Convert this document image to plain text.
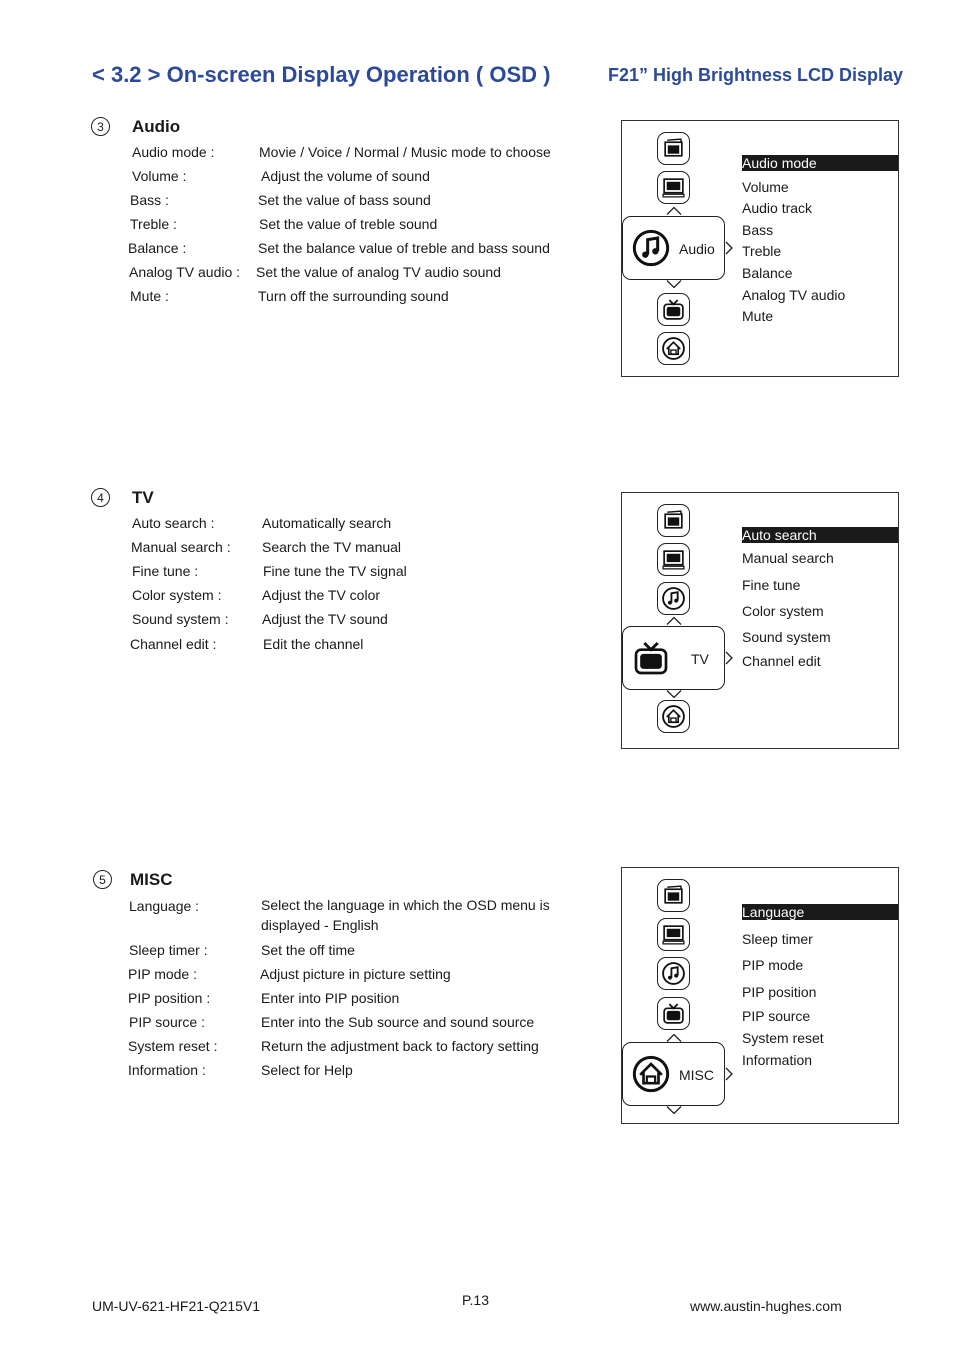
< 3.2 > On-screen Display Operation ( OSD )	F21” High Brightness LCD Display
3	Audio
Audio mode :	Movie / Voice / Normal / Music mode to choose
Volume :	Adjust the volume of sound
Bass :	Set the value of bass sound
Treble :	Set the value of treble sound
Balance :	Set the balance value of treble and bass sound
Analog TV audio : Set the value of analog TV audio sound
Mute :	Turn off the surrounding sound
Audio
Audio mode
Volume
Audio track
Bass
Treble
Balance
Analog TV audio
Mute
4	TV
Auto search :	Automatically search
Manual search : Search the TV manual
Fine tune :	Fine tune the TV signal
Color system :	Adjust the TV color
Sound system : Adjust the TV sound
Channel edit :	Edit the channel
TV
Auto search
Manual search
Fine tune
Color system
Sound system
Channel edit
5	MISC
Language :	Select the language in which the OSD menu is displayed - English
Sleep timer :	Set the off time
PIP mode :	Adjust picture in picture setting
PIP position :	Enter into PIP position
PIP source :	Enter into the Sub source and sound source
System reset :	Return the adjustment back to factory setting
Information :	Select for Help	MISC
Language
Sleep timer
PIP mode
PIP position
PIP source
System reset
Information
UM-UV-621-HF21-Q215V1	P.13	www.austin-hughes.com
